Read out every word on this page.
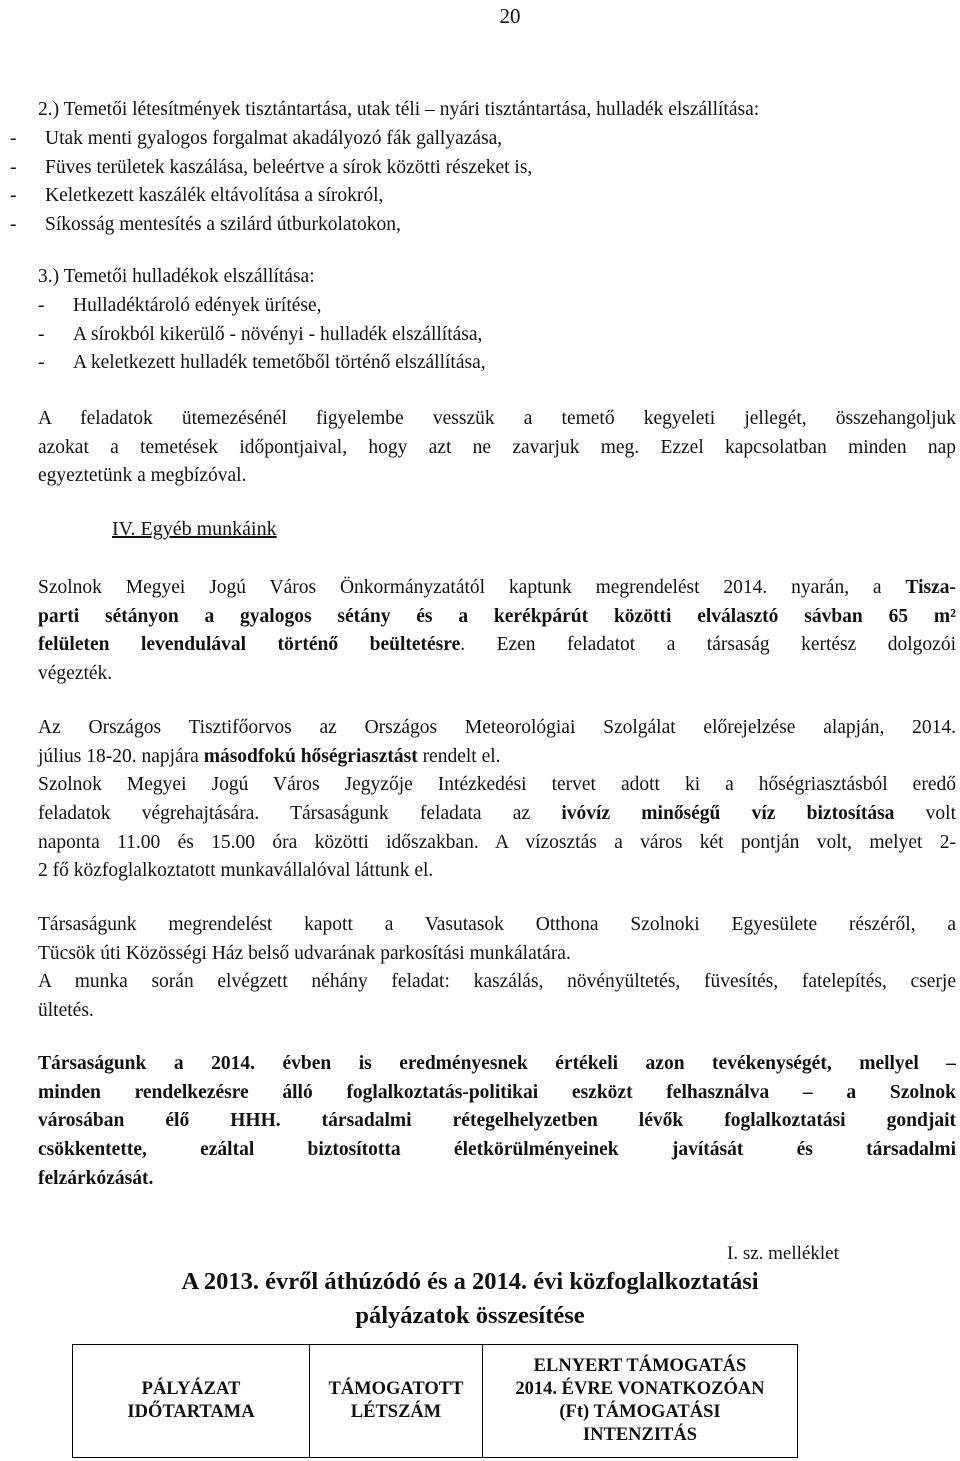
20
2.) Temetői létesítmények tisztántartása, utak téli – nyári tisztántartása, hulladék elszállítása:
- Utak menti gyalogos forgalmat akadályozó fák gallyazása,
- Füves területek kaszálása, beleértve a sírok közötti részeket is,
- Keletkezett kaszálék eltávolítása a sírokról,
- Síkosság mentesítés a szilárd útburkolatokon,
3.) Temetői hulladékok elszállítása:
- Hulladéktároló edények ürítése,
- A sírokból kikerülő - növényi - hulladék elszállítása,
- A keletkezett hulladék temetőből történő elszállítása,
A feladatok ütemezésénél figyelembe vesszük a temető kegyeleti jellegét, összehangoljuk
azokat a temetések időpontjaival, hogy azt ne zavarjuk meg. Ezzel kapcsolatban minden nap
egyeztetünk a megbízóval.
IV. Egyéb munkáink
Szolnok Megyei Jogú Város Önkormányzatától kaptunk megrendelést 2014. nyarán, a Tisza-
parti sétányon a gyalogos sétány és a kerékpárút közötti elválasztó sávban 65 m²
felületen levendulával történő beültetésre. Ezen feladatot a társaság kertész dolgozói
végezték.
Az Országos Tisztifőorvos az Országos Meteorológiai Szolgálat előrejelzése alapján, 2014.
július 18-20. napjára másodfokú hőségriasztást rendelt el.
Szolnok Megyei Jogú Város Jegyzője Intézkedési tervet adott ki a hőségriasztásból eredő
feladatok végrehajtására. Társaságunk feladata az ivóvíz minőségű víz biztosítása volt
naponta 11.00 és 15.00 óra közötti időszakban. A vízosztás a város két pontján volt, melyet 2-
2 fő közfoglalkoztatott munkavállalóval láttunk el.
Társaságunk megrendelést kapott a Vasutasok Otthona Szolnoki Egyesülete részéről, a
Tücsök úti Közösségi Ház belső udvarának parkosítási munkálatára.
A munka során elvégzett néhány feladat: kaszálás, növényültetés, füvesítés, fatelepítés, cserje
ültetés.
Társaságunk a 2014. évben is eredményesnek értékeli azon tevékenységét, mellyel –
minden rendelkezésre álló foglalkoztatás-politikai eszközt felhasználva – a Szolnok
városában élő HHH. társadalmi rétegelhelyzetben lévők foglalkoztatási gondjait
csökkentette, ezáltal biztosította életkörülményeinek javítását és társadalmi
felzárkózását.
I. sz. melléklet
A 2013. évről áthúzódó és a 2014. évi közfoglalkoztatási
pályázatok összesítése
PÁLYÁZAT
IDŐTARTAMA

TÁMOGATOTT
LÉTSZÁM

ELNYERT TÁMOGATÁS
2014. ÉVRE VONATKOZÓAN
(Ft) TÁMOGATÁSI
INTENZITÁS
